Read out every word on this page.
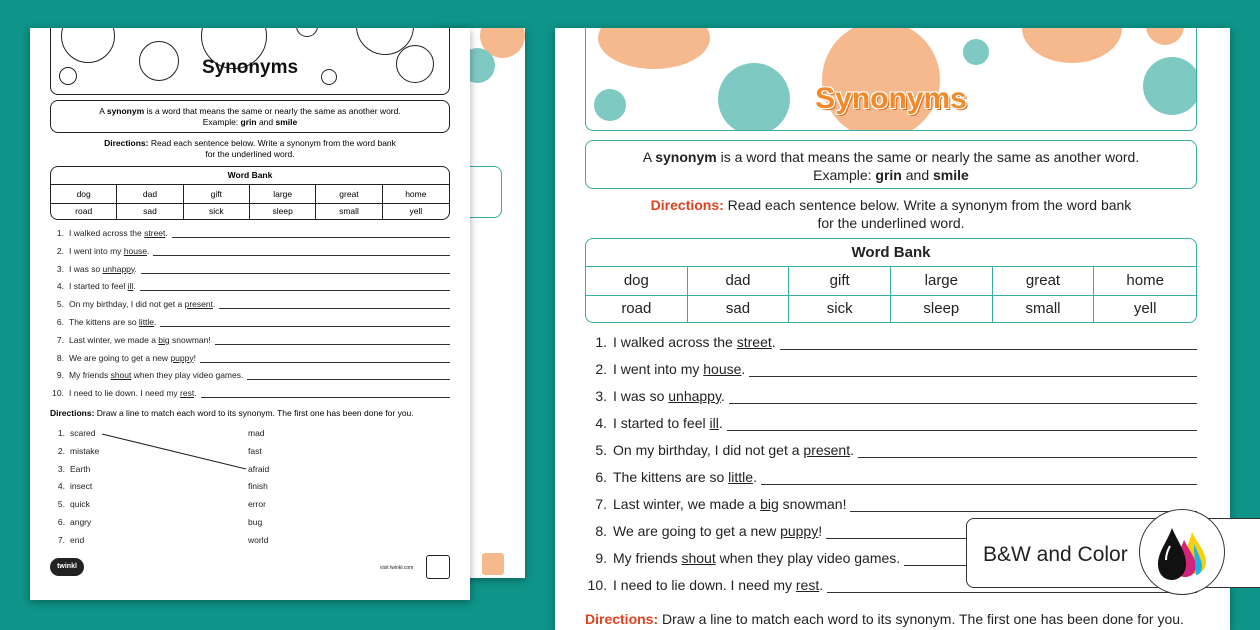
Synonyms
A synonym is a word that means the same or nearly the same as another word.
Example: grin and smile
Directions: Read each sentence below. Write a synonym from the word bank
for the underlined word.
Word Bank
dog	dad	gift	large	great	home
road	sad	sick	sleep	small	yell
1. I walked across the street.
2. I went into my house.
3. I was so unhappy.
4. I started to feel ill.
5. On my birthday, I did not get a present.
6. The kittens are so little.
7. Last winter, we made a big snowman!
8. We are going to get a new puppy!
9. My friends shout when they play video games.
10. I need to lie down. I need my rest.
Directions: Draw a line to match each word to its synonym. The first one has been done for you.
1. scared	mad
2. mistake	fast
3. Earth	afraid
4. insect	finish
5. quick	error
6. angry	bug
7. end	world
twinkl	visit twinkl.com
Synonyms
A synonym is a word that means the same or nearly the same as another word.
Example: grin and smile
Directions: Read each sentence below. Write a synonym from the word bank
for the underlined word.
Word Bank
dog	dad	gift	large	great	home
road	sad	sick	sleep	small	yell
1. I walked across the street.
2. I went into my house.
3. I was so unhappy.
4. I started to feel ill.
5. On my birthday, I did not get a present.
6. The kittens are so little.
7. Last winter, we made a big snowman!
8. We are going to get a new puppy!
9. My friends shout when they play video games.
10. I need to lie down. I need my rest.
Directions: Draw a line to match each word to its synonym. The first one has been done for you.
B&W and Color
